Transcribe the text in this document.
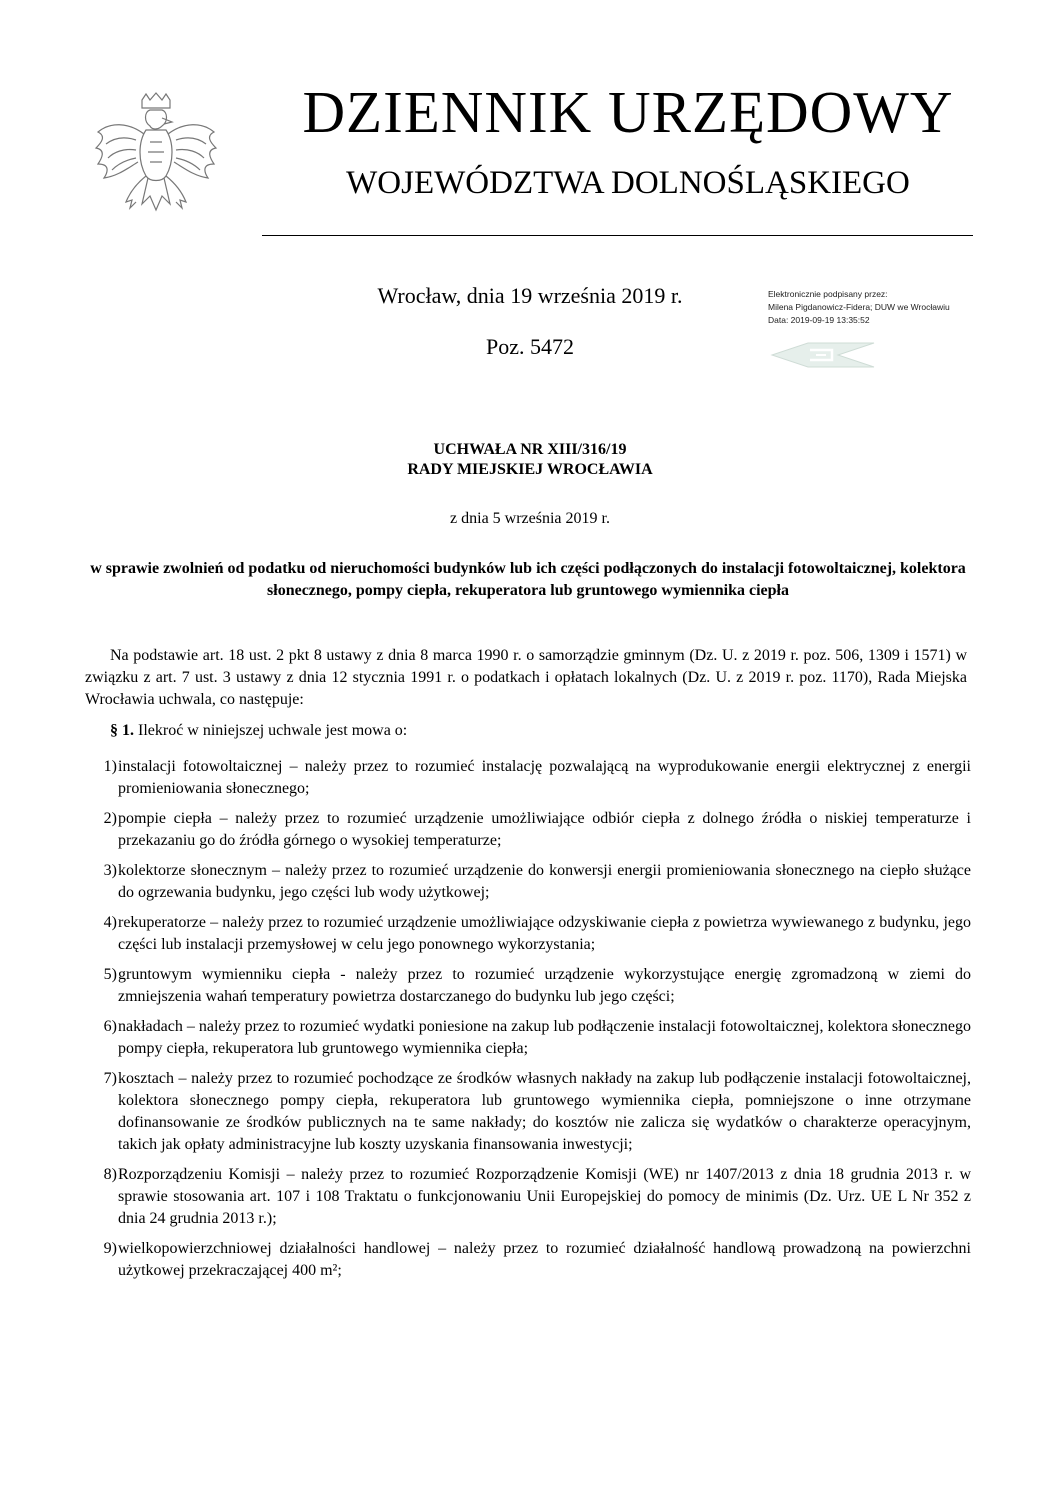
DZIENNIK URZĘDOWY
WOJEWÓDZTWA DOLNOŚLĄSKIEGO
Wrocław, dnia 19 września 2019 r.
Poz. 5472
Elektronicznie podpisany przez:
Milena Pigdanowicz-Fidera; DUW we Wrocławiu
Data: 2019-09-19 13:35:52
UCHWAŁA NR XIII/316/19
RADY MIEJSKIEJ WROCŁAWIA
z dnia 5 września 2019 r.
w sprawie zwolnień od podatku od nieruchomości budynków lub ich części podłączonych do instalacji fotowoltaicznej, kolektora słonecznego, pompy ciepła, rekuperatora lub gruntowego wymiennika ciepła
Na podstawie art. 18 ust. 2 pkt 8 ustawy z dnia 8 marca 1990 r. o samorządzie gminnym (Dz. U. z 2019 r. poz. 506, 1309 i 1571) w związku z art. 7 ust. 3 ustawy z dnia 12 stycznia 1991 r. o podatkach i opłatach lokalnych (Dz. U. z 2019 r. poz. 1170), Rada Miejska Wrocławia uchwala, co następuje:
§ 1. Ilekroć w niniejszej uchwale jest mowa o:
1) instalacji fotowoltaicznej – należy przez to rozumieć instalację pozwalającą na wyprodukowanie energii elektrycznej z energii promieniowania słonecznego;
2) pompie ciepła – należy przez to rozumieć urządzenie umożliwiające odbiór ciepła z dolnego źródła o niskiej temperaturze i przekazaniu go do źródła górnego o wysokiej temperaturze;
3) kolektorze słonecznym – należy przez to rozumieć urządzenie do konwersji energii promieniowania słonecznego na ciepło służące do ogrzewania budynku, jego części lub wody użytkowej;
4) rekuperatorze – należy przez to rozumieć urządzenie umożliwiające odzyskiwanie ciepła z powietrza wywiewanego z budynku, jego części lub instalacji przemysłowej w celu jego ponownego wykorzystania;
5) gruntowym wymienniku ciepła - należy przez to rozumieć urządzenie wykorzystujące energię zgromadzoną w ziemi do zmniejszenia wahań temperatury powietrza dostarczanego do budynku lub jego części;
6) nakładach – należy przez to rozumieć wydatki poniesione na zakup lub podłączenie instalacji fotowoltaicznej, kolektora słonecznego pompy ciepła, rekuperatora lub gruntowego wymiennika ciepła;
7) kosztach – należy przez to rozumieć pochodzące ze środków własnych nakłady na zakup lub podłączenie instalacji fotowoltaicznej, kolektora słonecznego pompy ciepła, rekuperatora lub gruntowego wymiennika ciepła, pomniejszone o inne otrzymane dofinansowanie ze środków publicznych na te same nakłady; do kosztów nie zalicza się wydatków o charakterze operacyjnym, takich jak opłaty administracyjne lub koszty uzyskania finansowania inwestycji;
8) Rozporządzeniu Komisji – należy przez to rozumieć Rozporządzenie Komisji (WE) nr 1407/2013 z dnia 18 grudnia 2013 r. w sprawie stosowania art. 107 i 108 Traktatu o funkcjonowaniu Unii Europejskiej do pomocy de minimis (Dz. Urz. UE L Nr 352 z dnia 24 grudnia 2013 r.);
9) wielkopowierzchniowej działalności handlowej – należy przez to rozumieć działalność handlową prowadzoną na powierzchni użytkowej przekraczającej 400 m²;
